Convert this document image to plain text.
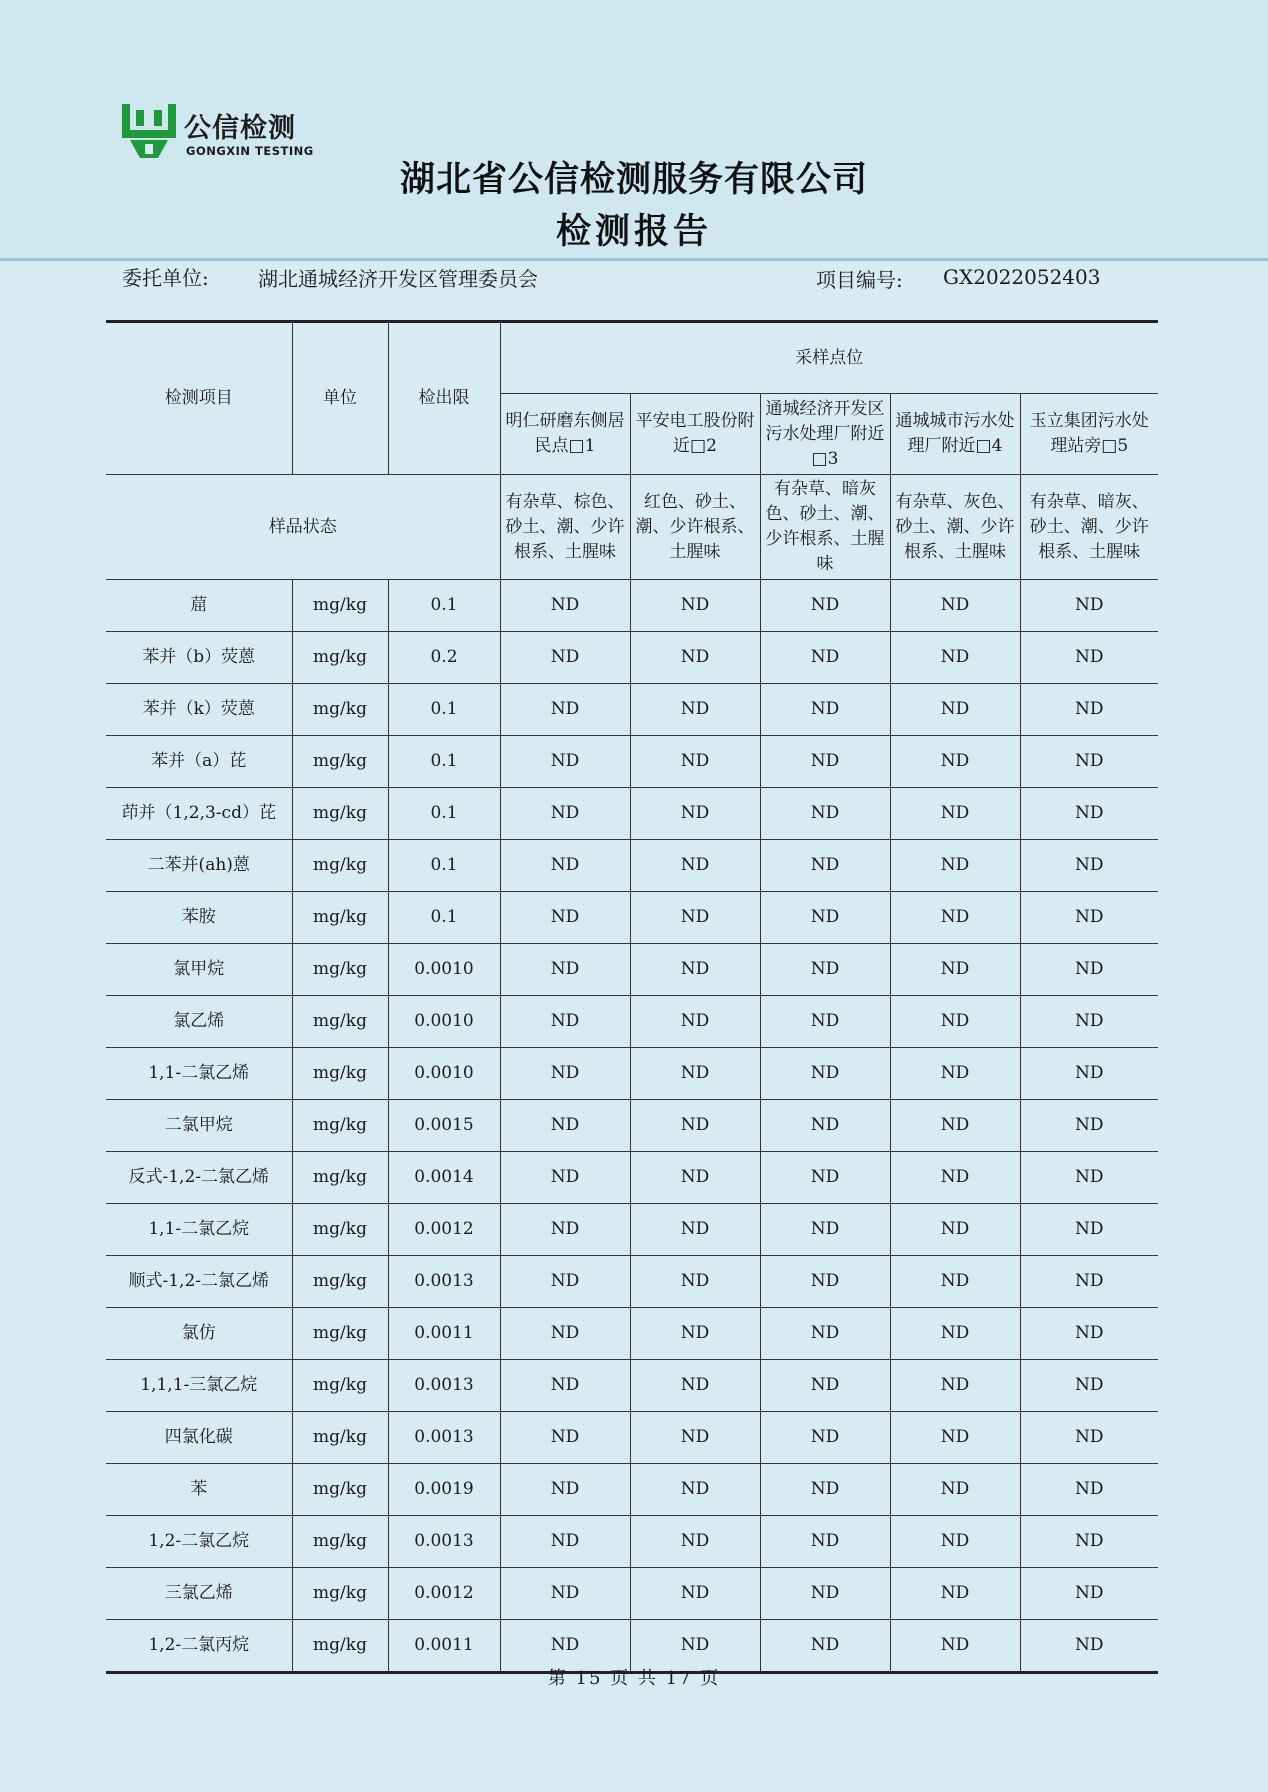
公信检测
GONGXIN TESTING
湖北省公信检测服务有限公司
检测报告
委托单位: 湖北通城经济开发区管理委员会	项目编号: GX2022052403
检测项目	单位	检出限	采样点位				
			明仁研磨东侧居民点□1	平安电工股份附近□2	通城经济开发区污水处理厂附近□3	通城城市污水处理厂附近□4	玉立集团污水处理站旁□5
样品状态			有杂草、棕色、砂土、潮、少许根系、土腥味	红色、砂土、潮、少许根系、土腥味	有杂草、暗灰色、砂土、潮、少许根系、土腥味	有杂草、灰色、砂土、潮、少许根系、土腥味	有杂草、暗灰、砂土、潮、少许根系、土腥味
䓛	mg/kg	0.1	ND	ND	ND	ND	ND
苯并（b）荧蒽	mg/kg	0.2	ND	ND	ND	ND	ND
苯并（k）荧蒽	mg/kg	0.1	ND	ND	ND	ND	ND
苯并（a）芘	mg/kg	0.1	ND	ND	ND	ND	ND
茚并（1,2,3-cd）芘	mg/kg	0.1	ND	ND	ND	ND	ND
二苯并(ah)蒽	mg/kg	0.1	ND	ND	ND	ND	ND
苯胺	mg/kg	0.1	ND	ND	ND	ND	ND
氯甲烷	mg/kg	0.0010	ND	ND	ND	ND	ND
氯乙烯	mg/kg	0.0010	ND	ND	ND	ND	ND
1,1-二氯乙烯	mg/kg	0.0010	ND	ND	ND	ND	ND
二氯甲烷	mg/kg	0.0015	ND	ND	ND	ND	ND
反式-1,2-二氯乙烯	mg/kg	0.0014	ND	ND	ND	ND	ND
1,1-二氯乙烷	mg/kg	0.0012	ND	ND	ND	ND	ND
顺式-1,2-二氯乙烯	mg/kg	0.0013	ND	ND	ND	ND	ND
氯仿	mg/kg	0.0011	ND	ND	ND	ND	ND
1,1,1-三氯乙烷	mg/kg	0.0013	ND	ND	ND	ND	ND
四氯化碳	mg/kg	0.0013	ND	ND	ND	ND	ND
苯	mg/kg	0.0019	ND	ND	ND	ND	ND
1,2-二氯乙烷	mg/kg	0.0013	ND	ND	ND	ND	ND
三氯乙烯	mg/kg	0.0012	ND	ND	ND	ND	ND
1,2-二氯丙烷	mg/kg	0.0011	ND	ND	ND	ND	ND
第 15 页 共 17 页
